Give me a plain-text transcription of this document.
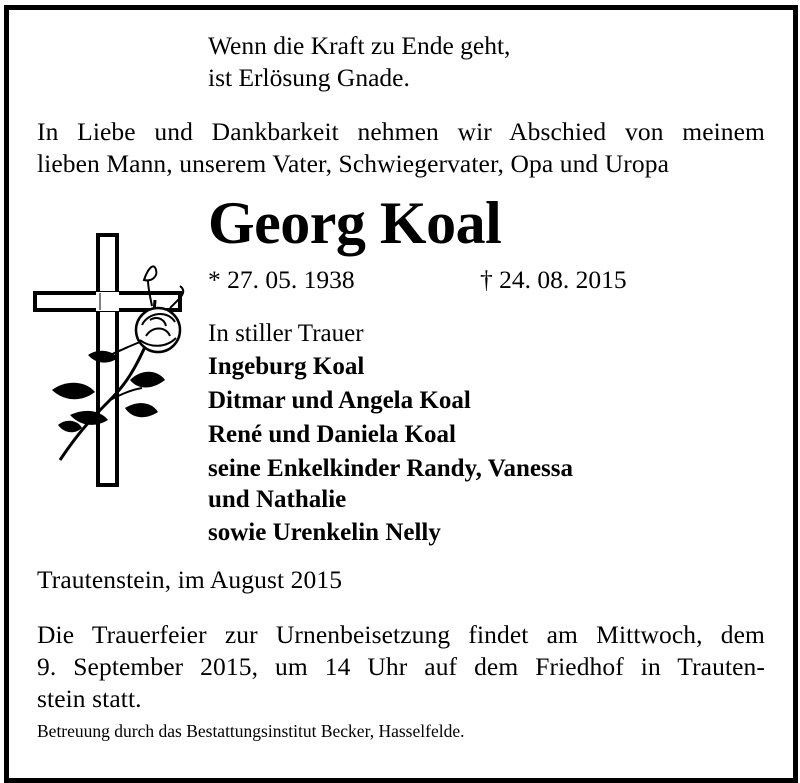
Wenn die Kraft zu Ende geht,
ist Erlösung Gnade.
In Liebe und Dankbarkeit nehmen wir Abschied von meinem
lieben Mann, unserem Vater, Schwiegervater, Opa und Uropa
Georg Koal
* 27. 05. 1938	† 24. 08. 2015
In stiller Trauer
Ingeburg Koal
Ditmar und Angela Koal
René und Daniela Koal
seine Enkelkinder Randy, Vanessa
und Nathalie
sowie Urenkelin Nelly
Trautenstein, im August 2015
Die Trauerfeier zur Urnenbeisetzung findet am Mittwoch, dem
9. September 2015, um 14 Uhr auf dem Friedhof in Trauten-
stein statt.
Betreuung durch das Bestattungsinstitut Becker, Hasselfelde.
